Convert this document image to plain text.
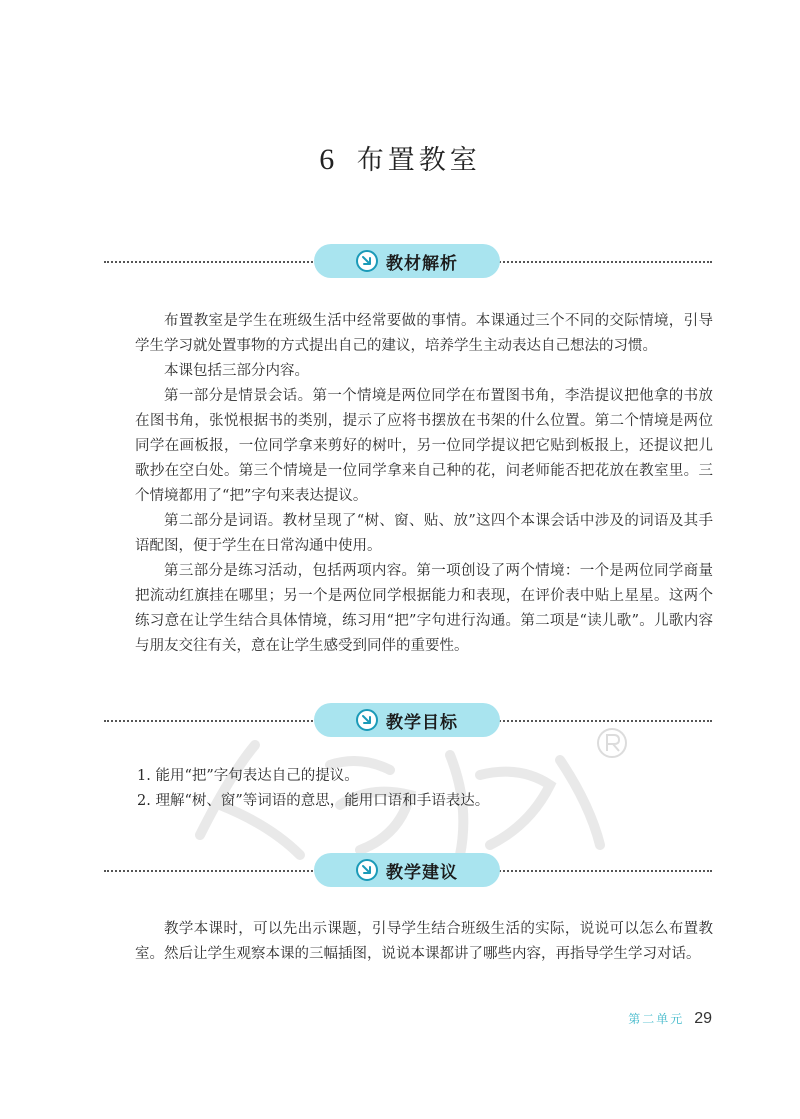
6 布置教室
教材解析

布置教室是学生在班级生活中经常要做的事情。本课通过三个不同的交际情境，引导学生学习就处置事物的方式提出自己的建议，培养学生主动表达自己想法的习惯。

本课包括三部分内容。

第一部分是情景会话。第一个情境是两位同学在布置图书角，李浩提议把他拿的书放在图书角，张悦根据书的类别，提示了应将书摆放在书架的什么位置。第二个情境是两位同学在画板报，一位同学拿来剪好的树叶，另一位同学提议把它贴到板报上，还提议把儿歌抄在空白处。第三个情境是一位同学拿来自己种的花，问老师能否把花放在教室里。三个情境都用了“把”字句来表达提议。

第二部分是词语。教材呈现了“树、窗、贴、放”这四个本课会话中涉及的词语及其手语配图，便于学生在日常沟通中使用。

第三部分是练习活动，包括两项内容。第一项创设了两个情境：一个是两位同学商量把流动红旗挂在哪里；另一个是两位同学根据能力和表现，在评价表中贴上星星。这两个练习意在让学生结合具体情境，练习用“把”字句进行沟通。第二项是“读儿歌”。儿歌内容与朋友交往有关，意在让学生感受到同伴的重要性。

教学目标

1. 能用“把”字句表达自己的提议。

2. 理解“树、窗”等词语的意思，能用口语和手语表达。

教学建议

教学本课时，可以先出示课题，引导学生结合班级生活的实际，说说可以怎么布置教室。然后让学生观察本课的三幅插图，说说本课都讲了哪些内容，再指导学生学习对话。

第二单元 29
